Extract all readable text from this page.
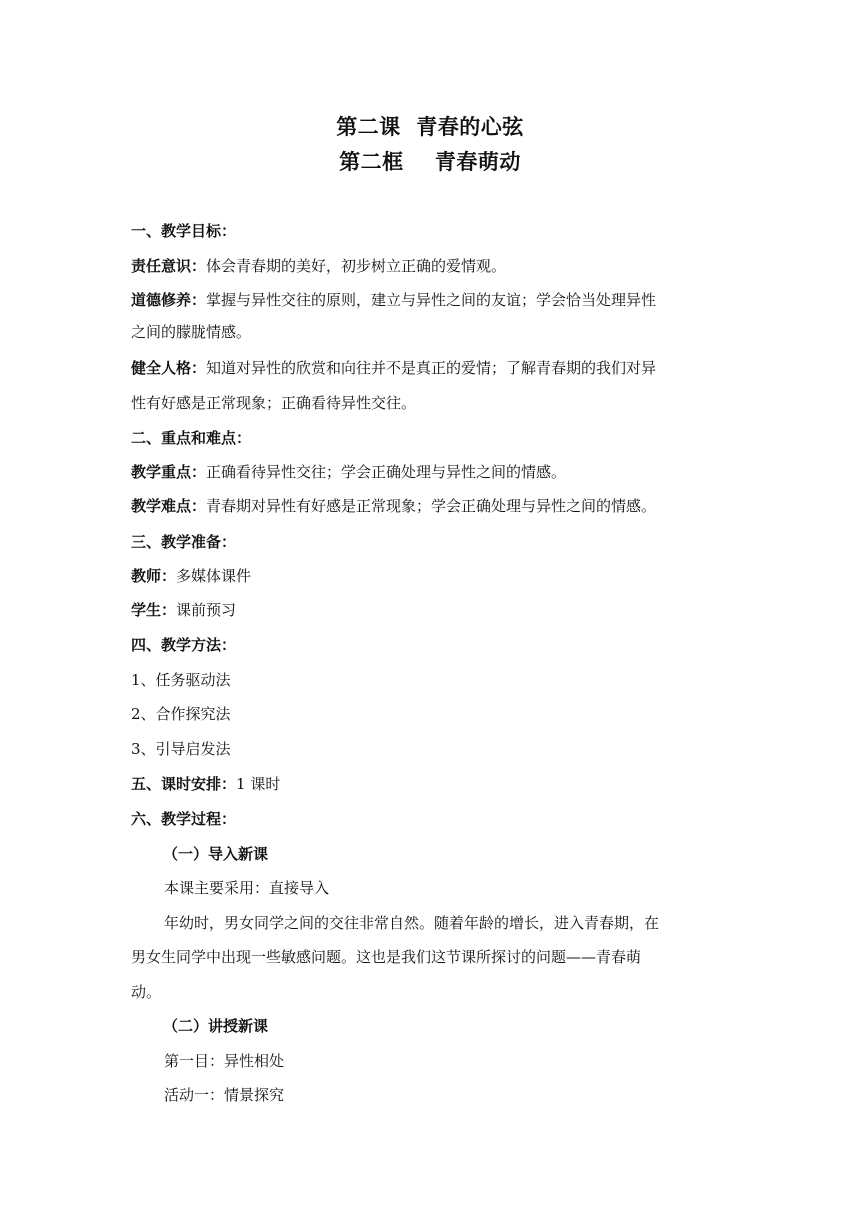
第二课  青春的心弦
第二框    青春萌动
一、教学目标：
责任意识：体会青春期的美好，初步树立正确的爱情观。
道德修养：掌握与异性交往的原则，建立与异性之间的友谊；学会恰当处理异性
之间的朦胧情感。
健全人格：知道对异性的欣赏和向往并不是真正的爱情；了解青春期的我们对异
性有好感是正常现象；正确看待异性交往。
二、重点和难点：
教学重点：正确看待异性交往；学会正确处理与异性之间的情感。
教学难点：青春期对异性有好感是正常现象；学会正确处理与异性之间的情感。
三、教学准备：
教师：多媒体课件
学生：课前预习
四、教学方法：
1、任务驱动法
2、合作探究法
3、引导启发法
五、课时安排：1 课时
六、教学过程：
（一）导入新课
本课主要采用：直接导入
年幼时，男女同学之间的交往非常自然。随着年龄的增长，进入青春期，在
男女生同学中出现一些敏感问题。这也是我们这节课所探讨的问题——青春萌
动。
（二）讲授新课
第一目：异性相处
活动一：情景探究
